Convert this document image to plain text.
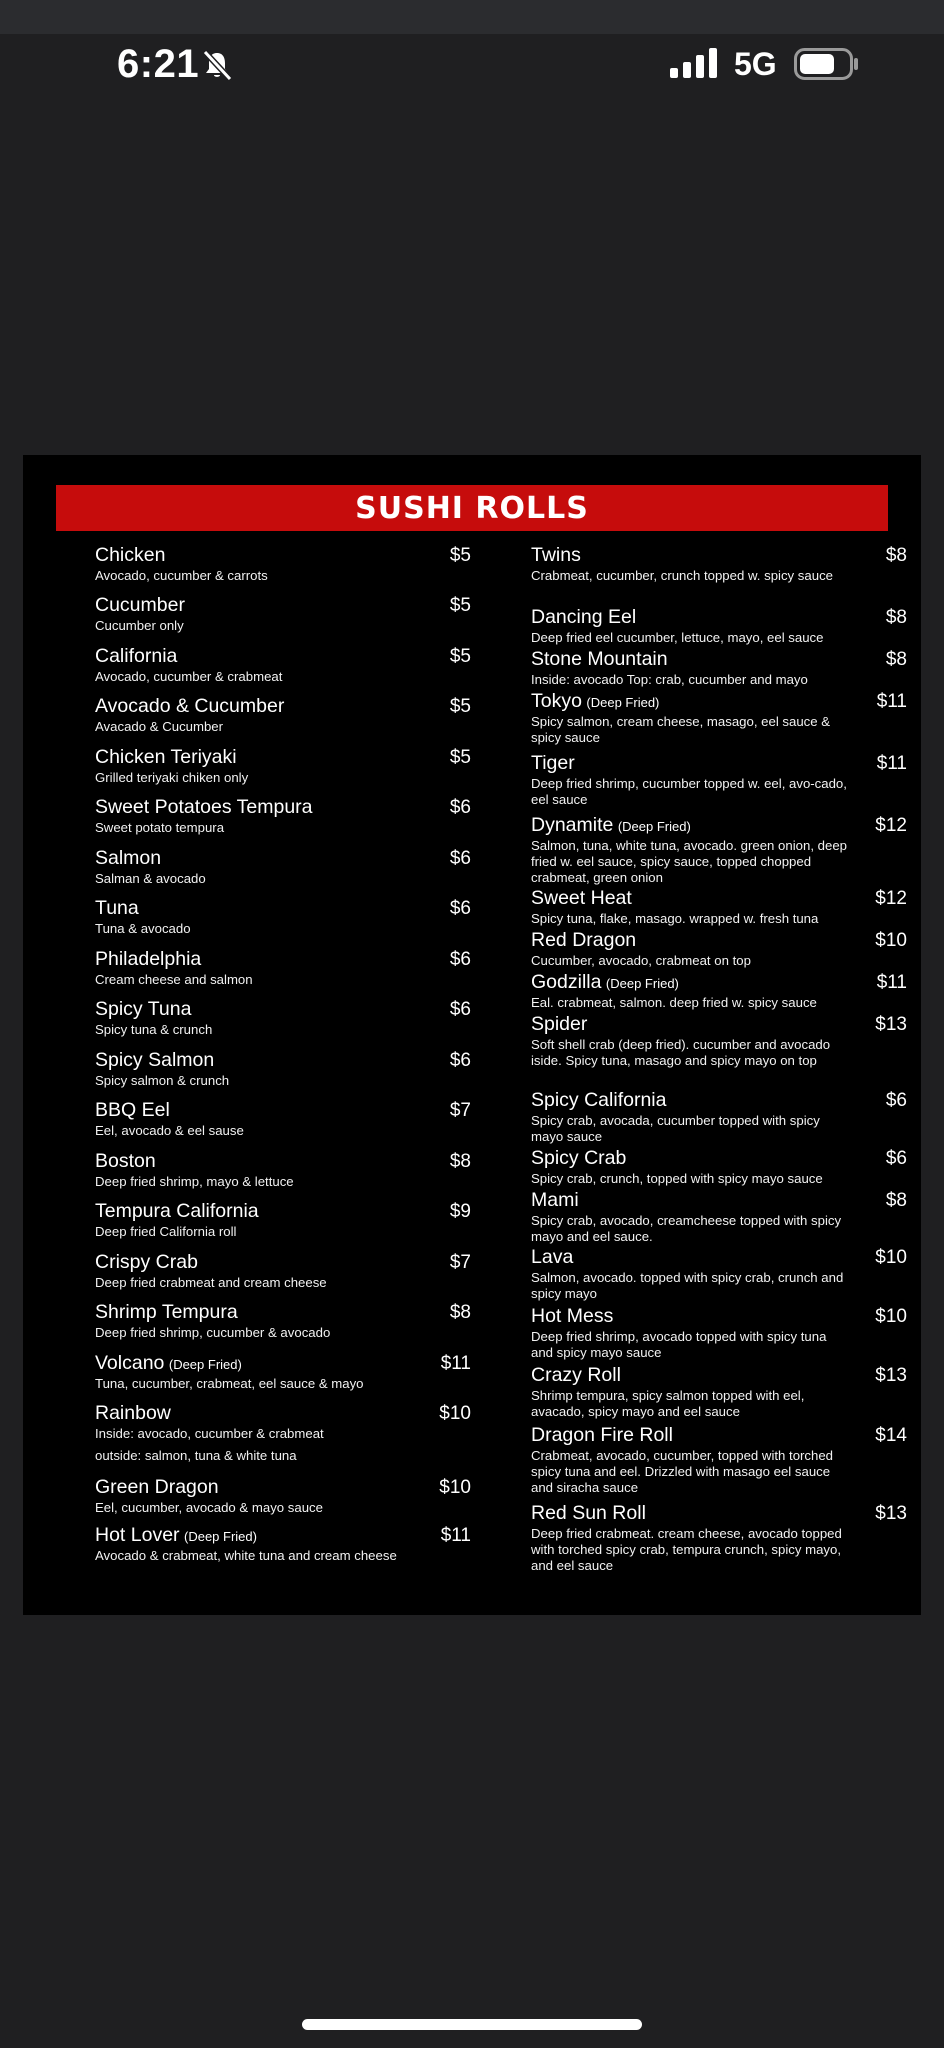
6:21	5G
SUSHI ROLLS
Chicken	$5
Avocado, cucumber & carrots
Cucumber	$5
Cucumber only
California	$5
Avocado, cucumber & crabmeat
Avocado & Cucumber	$5
Avacado & Cucumber
Chicken Teriyaki	$5
Grilled teriyaki chiken only
Sweet Potatoes Tempura	$6
Sweet potato tempura
Salmon	$6
Salman & avocado
Tuna	$6
Tuna & avocado
Philadelphia	$6
Cream cheese and salmon
Spicy Tuna	$6
Spicy tuna & crunch
Spicy Salmon	$6
Spicy salmon & crunch
BBQ Eel	$7
Eel, avocado & eel sause
Boston	$8
Deep fried shrimp, mayo & lettuce
Tempura California	$9
Deep fried California roll
Crispy Crab	$7
Deep fried crabmeat and cream cheese
Shrimp Tempura	$8
Deep fried shrimp, cucumber & avocado
Volcano (Deep Fried)	$11
Tuna, cucumber, crabmeat, eel sauce & mayo
Rainbow	$10
Inside: avocado, cucumber & crabmeat
outside: salmon, tuna & white tuna
Green Dragon	$10
Eel, cucumber, avocado & mayo sauce
Hot Lover (Deep Fried)	$11
Avocado & crabmeat, white tuna and cream cheese
Twins	$8
Crabmeat, cucumber, crunch topped w. spicy sauce
Dancing Eel	$8
Deep fried eel cucumber, lettuce, mayo, eel sauce
Stone Mountain	$8
Inside: avocado Top: crab, cucumber and mayo
Tokyo (Deep Fried)	$11
Spicy salmon, cream cheese, masago, eel sauce & spicy sauce
Tiger	$11
Deep fried shrimp, cucumber topped w. eel, avo-cado, eel sauce
Dynamite (Deep Fried)	$12
Salmon, tuna, white tuna, avocado. green onion, deep fried w. eel sauce, spicy sauce, topped chopped crabmeat, green onion
Sweet Heat	$12
Spicy tuna, flake, masago. wrapped w. fresh tuna
Red Dragon	$10
Cucumber, avocado, crabmeat on top
Godzilla (Deep Fried)	$11
Eal. crabmeat, salmon. deep fried w. spicy sauce
Spider	$13
Soft shell crab (deep fried). cucumber and avocado iside. Spicy tuna, masago and spicy mayo on top
Spicy California	$6
Spicy crab, avocada, cucumber topped with spicy mayo sauce
Spicy Crab	$6
Spicy crab, crunch, topped with spicy mayo sauce
Mami	$8
Spicy crab, avocado, creamcheese topped with spicy mayo and eel sauce.
Lava	$10
Salmon, avocado. topped with spicy crab, crunch and spicy mayo
Hot Mess	$10
Deep fried shrimp, avocado topped with spicy tuna and spicy mayo sauce
Crazy Roll	$13
Shrimp tempura, spicy salmon topped with eel, avacado, spicy mayo and eel sauce
Dragon Fire Roll	$14
Crabmeat, avocado, cucumber, topped with torched spicy tuna and eel. Drizzled with masago eel sauce and siracha sauce
Red Sun Roll	$13
Deep fried crabmeat. cream cheese, avocado topped with torched spicy crab, tempura crunch, spicy mayo, and eel sauce
